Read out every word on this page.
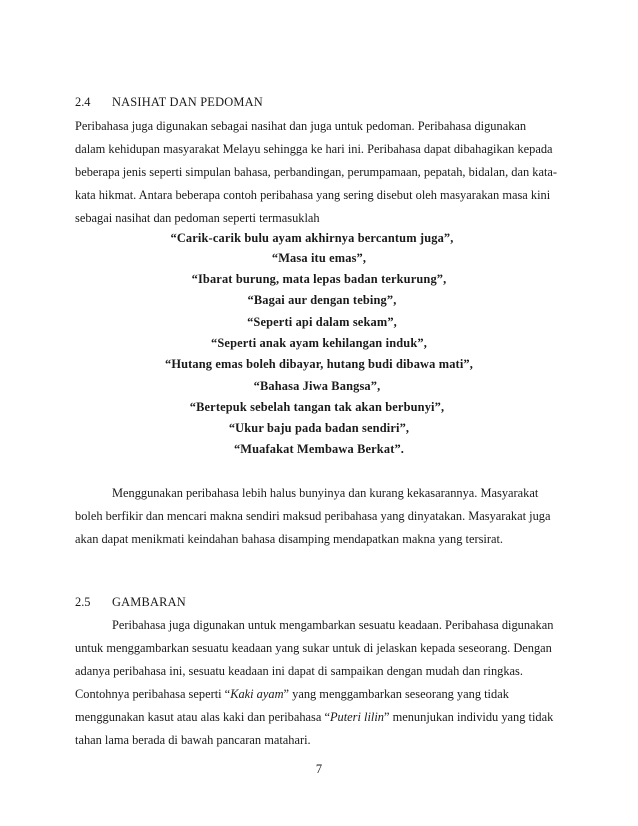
2.4 NASIHAT DAN PEDOMAN
Peribahasa juga digunakan sebagai nasihat dan juga untuk pedoman. Peribahasa digunakan
dalam kehidupan masyarakat Melayu sehingga ke hari ini. Peribahasa dapat dibahagikan kepada
beberapa jenis seperti simpulan bahasa, perbandingan, perumpamaan, pepatah, bidalan, dan kata-
kata hikmat. Antara beberapa contoh peribahasa yang sering disebut oleh masyarakan masa kini
sebagai nasihat dan pedoman seperti termasuklah
“Carik-carik bulu ayam akhirnya bercantum juga”,
“Masa itu emas”,
“Ibarat burung, mata lepas badan terkurung”,
“Bagai aur dengan tebing”,
“Seperti api dalam sekam”,
“Seperti anak ayam kehilangan induk”,
“Hutang emas boleh dibayar, hutang budi dibawa mati”,
“Bahasa Jiwa Bangsa”,
“Bertepuk sebelah tangan tak akan berbunyi”,
“Ukur baju pada badan sendiri”,
“Muafakat Membawa Berkat”.
Menggunakan peribahasa lebih halus bunyinya dan kurang kekasarannya. Masyarakat
boleh berfikir dan mencari makna sendiri maksud peribahasa yang dinyatakan. Masyarakat juga
akan dapat menikmati keindahan bahasa disamping mendapatkan makna yang tersirat.
2.5 GAMBARAN
Peribahasa juga digunakan untuk mengambarkan sesuatu keadaan. Peribahasa digunakan
untuk menggambarkan sesuatu keadaan yang sukar untuk di jelaskan kepada seseorang. Dengan
adanya peribahasa ini, sesuatu keadaan ini dapat di sampaikan dengan mudah dan ringkas.
Contohnya peribahasa seperti “Kaki ayam” yang menggambarkan seseorang yang tidak
menggunakan kasut atau alas kaki dan peribahasa “Puteri lilin” menunjukan individu yang tidak
tahan lama berada di bawah pancaran matahari.
7
